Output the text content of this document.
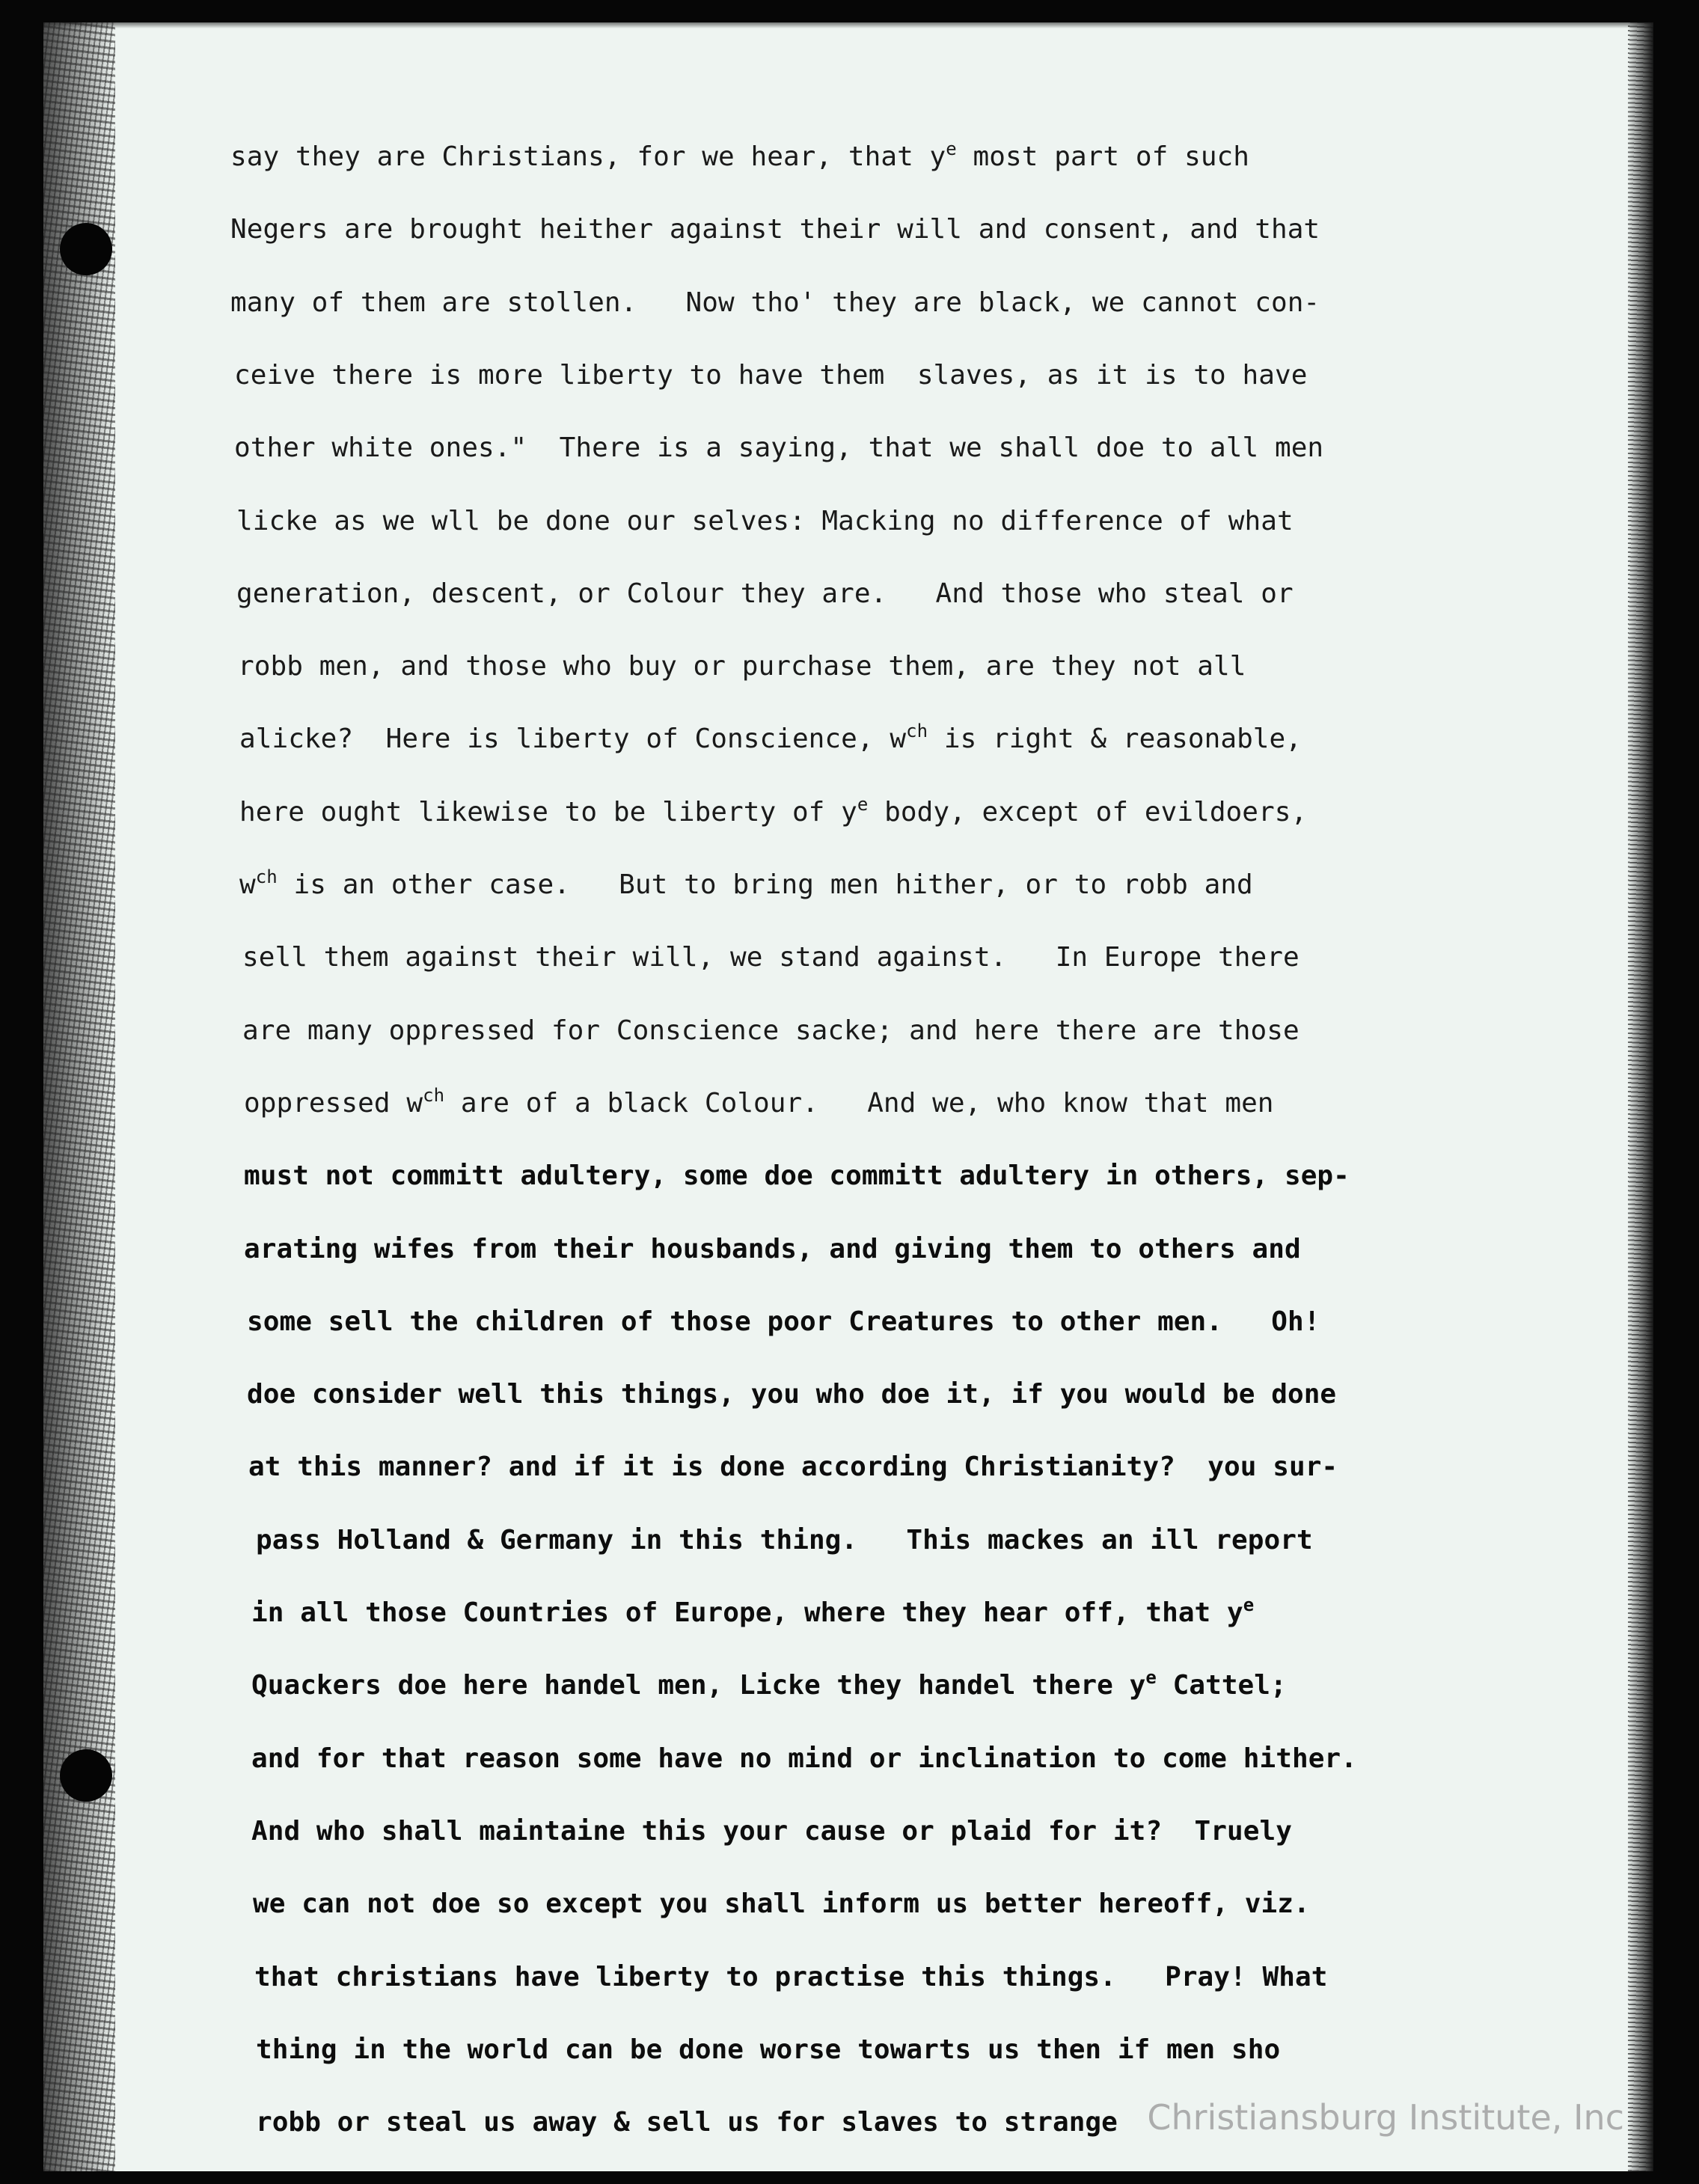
say they are Christians, for we hear, that $y^e$ most part of such
Negers are brought heither against their will and consent, and that
many of them are stollen.   Now tho' they are black, we cannot con-
ceive there is more liberty to have them  slaves, as it is to have
other white ones."  There is a saying, that we shall doe to all men
licke as we wll be done our selves: Macking no difference of what
generation, descent, or Colour they are.   And those who steal or
robb men, and those who buy or purchase them, are they not all
alicke?  Here is liberty of Conscience, $w^{ch}$ is right & reasonable,
here ought likewise to be liberty of $y^e$ body, except of evildoers,
$w^{ch}$ is an other case.   But to bring men hither, or to robb and
sell them against their will, we stand against.   In Europe there
are many oppressed for Conscience sacke; and here there are those
oppressed $w^{ch}$ are of a black Colour.   And we, who know that men
must not committ adultery, some doe committ adultery in others, sep-
arating wifes from their housbands, and giving them to others and
some sell the children of those poor Creatures to other men.   Oh!
doe consider well this things, you who doe it, if you would be done
at this manner? and if it is done according Christianity?  you sur-
pass Holland & Germany in this thing.   This mackes an ill report
in all those Countries of Europe, where they hear off, that $y^e$
Quackers doe here handel men, Licke they handel there $y^e$ Cattel;
and for that reason some have no mind or inclination to come hither.
And who shall maintaine this your cause or plaid for it?  Truely
we can not doe so except you shall inform us better hereoff, viz.
that christians have liberty to practise this things.   Pray! What
thing in the world can be done worse towarts us then if men sho
robb or steal us away & sell us for slaves to strange Christiansburg Institute, Inc
